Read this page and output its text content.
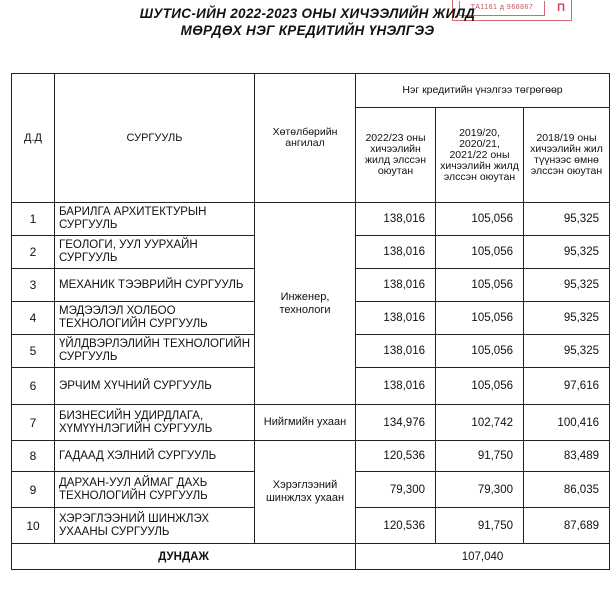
ТА1161 д 968867	П
ШУТИС-ИЙН 2022-2023 ОНЫ ХИЧЭЭЛИЙН ЖИЛД
МӨРДӨХ НЭГ КРЕДИТИЙН ҮНЭЛГЭЭ
Д.Д	СУРГУУЛЬ	Хөтөлбөрийн ангилал	Нэг кредитийн үнэлгээ төгрөгөөр		
			2022/23 оны хичээлийн жилд элссэн оюутан	2019/20, 2020/21, 2021/22 оны хичээлийн жилд элссэн оюутан	2018/19 оны хичээлийн жил түүнээс өмнө элссэн оюутан
1	БАРИЛГА АРХИТЕКТУРЫН СУРГУУЛЬ	Инженер, технологи	138,016	105,056	95,325
2	ГЕОЛОГИ, УУЛ УУРХАЙН СУРГУУЛЬ		138,016	105,056	95,325
3	МЕХАНИК ТЭЭВРИЙН СУРГУУЛЬ		138,016	105,056	95,325
4	МЭДЭЭЛЭЛ ХОЛБОО ТЕХНОЛОГИЙН СУРГУУЛЬ		138,016	105,056	95,325
5	ҮЙЛДВЭРЛЭЛИЙН ТЕХНОЛОГИЙН СУРГУУЛЬ		138,016	105,056	95,325
6	ЭРЧИМ ХҮЧНИЙ СУРГУУЛЬ		138,016	105,056	97,616
7	БИЗНЕСИЙН УДИРДЛАГА, ХҮМҮҮНЛЭГИЙН СУРГУУЛЬ	Нийгмийн ухаан	134,976	102,742	100,416
8	ГАДААД ХЭЛНИЙ СУРГУУЛЬ	Хэрэглээний шинжлэх ухаан	120,536	91,750	83,489
9	ДАРХАН-УУЛ АЙМАГ ДАХЬ ТЕХНОЛОГИЙН СУРГУУЛЬ		79,300	79,300	86,035
10	ХЭРЭГЛЭЭНИЙ ШИНЖЛЭХ УХААНЫ СУРГУУЛЬ		120,536	91,750	87,689
ДУНДАЖ			107,040		
